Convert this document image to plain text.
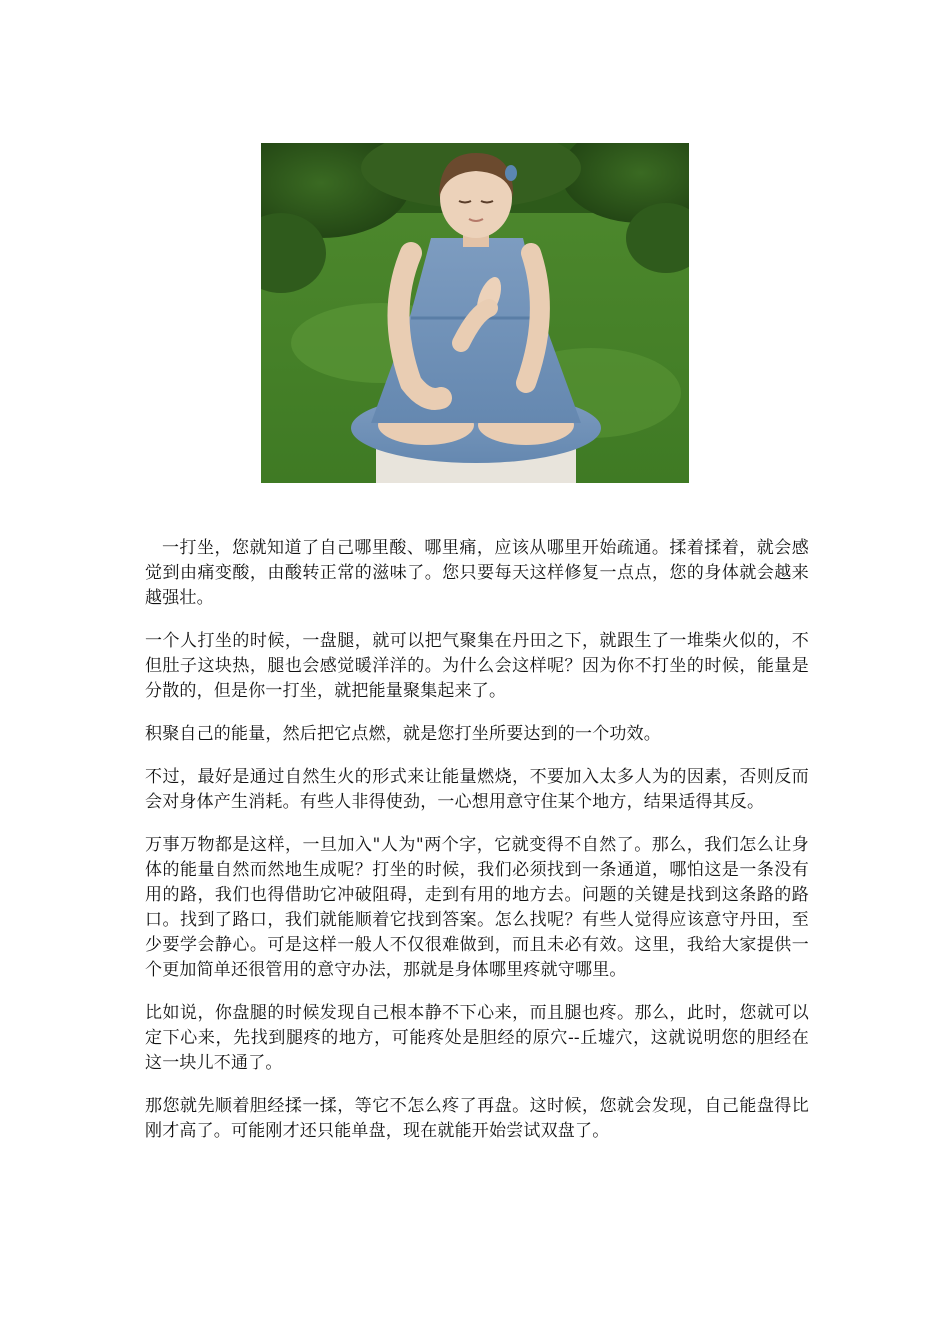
一打坐，您就知道了自己哪里酸、哪里痛，应该从哪里开始疏通。揉着揉着，就会感觉到由痛变酸，由酸转正常的滋味了。您只要每天这样修复一点点，您的身体就会越来越强壮。

一个人打坐的时候，一盘腿，就可以把气聚集在丹田之下，就跟生了一堆柴火似的，不但肚子这块热，腿也会感觉暖洋洋的。为什么会这样呢？因为你不打坐的时候，能量是分散的，但是你一打坐，就把能量聚集起来了。

积聚自己的能量，然后把它点燃，就是您打坐所要达到的一个功效。

不过，最好是通过自然生火的形式来让能量燃烧，不要加入太多人为的因素，否则反而会对身体产生消耗。有些人非得使劲，一心想用意守住某个地方，结果适得其反。

万事万物都是这样，一旦加入"人为"两个字，它就变得不自然了。那么，我们怎么让身体的能量自然而然地生成呢？打坐的时候，我们必须找到一条通道，哪怕这是一条没有用的路，我们也得借助它冲破阻碍，走到有用的地方去。问题的关键是找到这条路的路口。找到了路口，我们就能顺着它找到答案。怎么找呢？有些人觉得应该意守丹田，至少要学会静心。可是这样一般人不仅很难做到，而且未必有效。这里，我给大家提供一个更加简单还很管用的意守办法，那就是身体哪里疼就守哪里。

比如说，你盘腿的时候发现自己根本静不下心来，而且腿也疼。那么，此时，您就可以定下心来，先找到腿疼的地方，可能疼处是胆经的原穴--丘墟穴，这就说明您的胆经在这一块儿不通了。

那您就先顺着胆经揉一揉，等它不怎么疼了再盘。这时候，您就会发现，自己能盘得比刚才高了。可能刚才还只能单盘，现在就能开始尝试双盘了。
